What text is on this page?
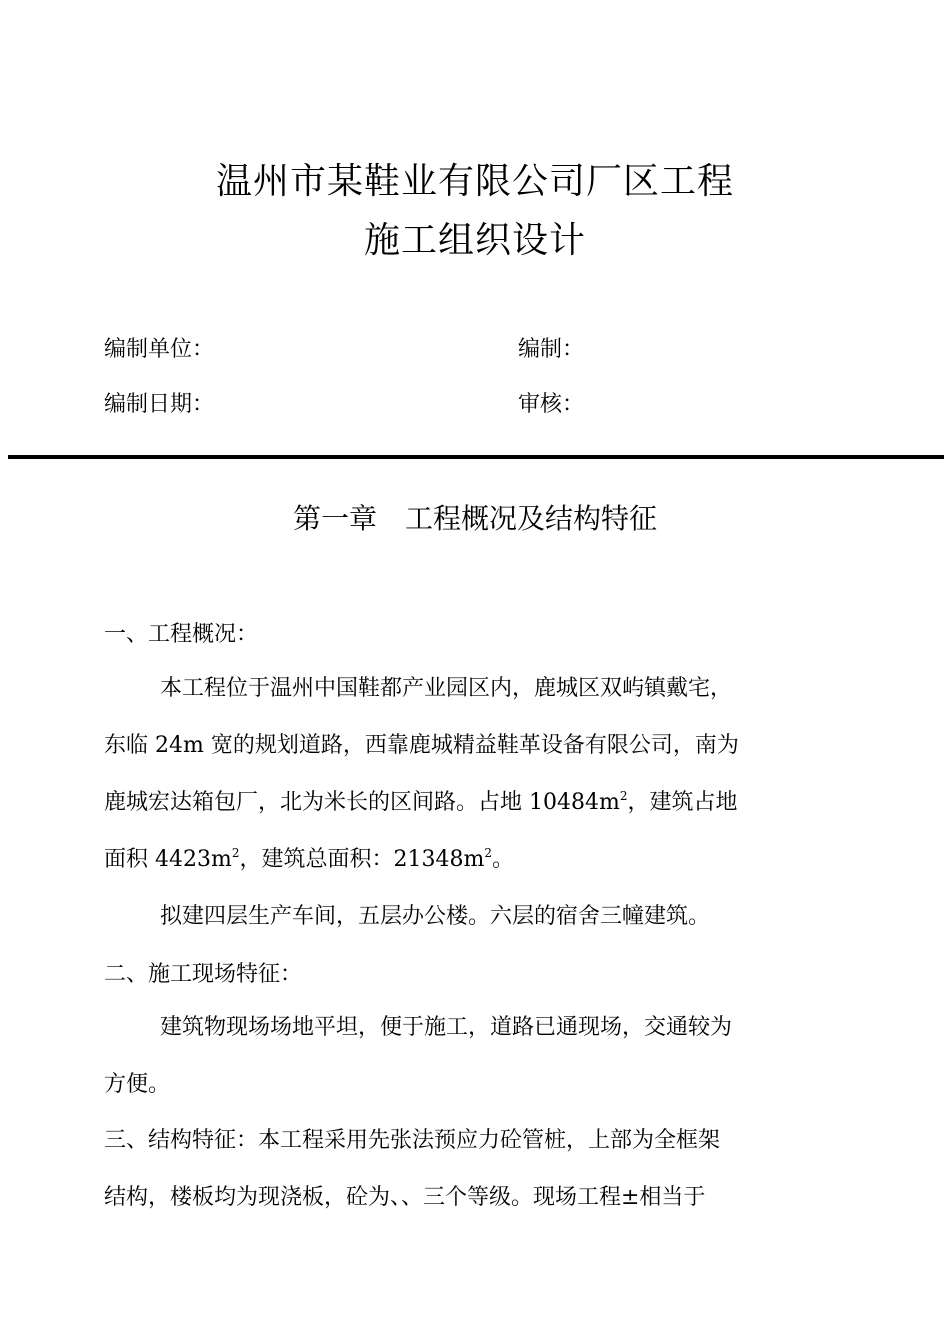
温州市某鞋业有限公司厂区工程
施工组织设计
编制单位：	编制：
编制日期：	审核：
第一章　工程概况及结构特征
一、工程概况：
本工程位于温州中国鞋都产业园区内，鹿城区双屿镇戴宅，
东临 24m 宽的规划道路，西靠鹿城精益鞋革设备有限公司，南为
鹿城宏达箱包厂，北为米长的区间路。占地 $10484m^2$，建筑占地
面积 $4423m^2$，建筑总面积：$21348m^2$。
拟建四层生产车间，五层办公楼。六层的宿舍三幢建筑。
二、施工现场特征：
建筑物现场场地平坦，便于施工，道路已通现场，交通较为
方便。
三、结构特征：本工程采用先张法预应力砼管桩，上部为全框架
结构，楼板均为现浇板，砼为、、三个等级。现场工程±相当于
